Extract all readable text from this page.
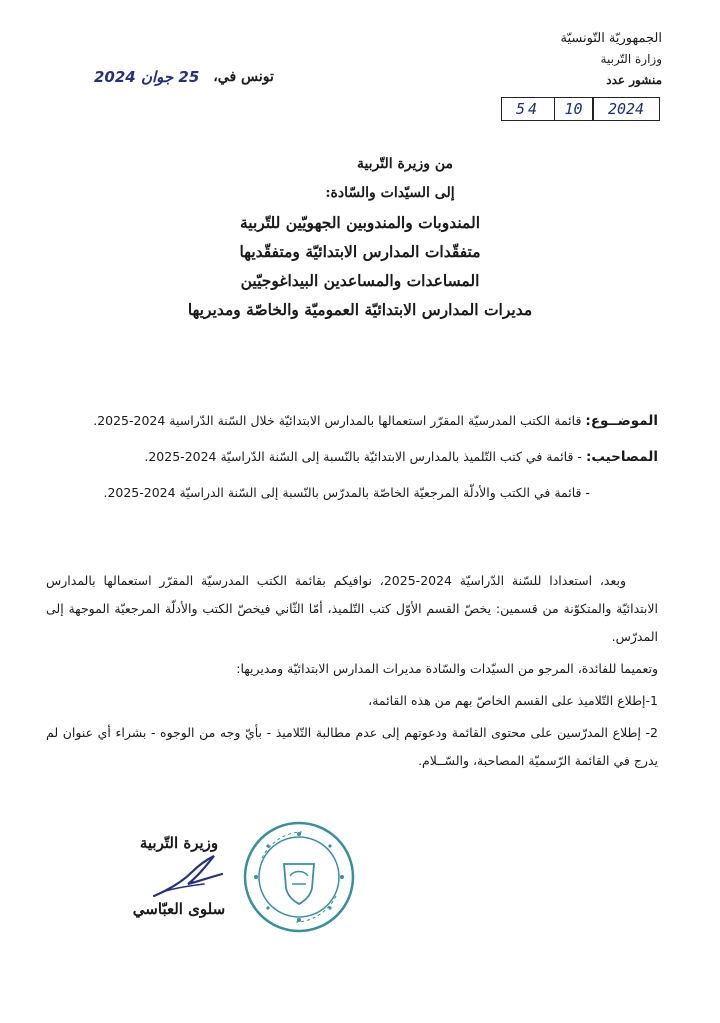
الجمهوريّة التّونسيّة
وزارة التّربية
منشور عدد
2024
10
54
تونس في،
25 جوان 2024
من وزيرة التّربية
إلى السيّدات والسّادة:
المندوبات والمندوبين الجهويّين للتّربية
متفقّدات المدارس الابتدائيّة ومتفقّديها
المساعدات والمساعدين البيداغوجيّين
مديرات المدارس الابتدائيّة العموميّة والخاصّة ومديريها
الموضــوع: قائمة الكتب المدرسيّة المقرّر استعمالها بالمدارس الابتدائيّة خلال السّنة الدّراسية 2024-2025.
المصاحيب: - قائمة في كتب التّلميذ بالمدارس الابتدائيّة بالنّسبة إلى السّنة الدّراسيّة 2024-2025.
- قائمة في الكتب والأدلّة المرجعيّة الخاصّة بالمدرّس بالنّسبة إلى السّنة الدراسيّة 2024-2025.

وبعد، استعدادا للسّنة الدّراسيّة 2024-2025، نوافيكم بقائمة الكتب المدرسيّة المقرّر استعمالها بالمدارس الابتدائيّة والمتكوّنة من قسمين: يخصّ القسم الأوّل كتب التّلميذ، أمّا الثّاني فيخصّ الكتب والأدلّة المرجعيّة الموجهة إلى المدرّس.

وتعميما للفائدة، المرجو من السيّدات والسّادة مديرات المدارس الابتدائيّة ومديريها:

1-إطلاع التّلاميذ على القسم الخاصّ بهم من هذه القائمة،

2- إطلاع المدرّسين على محتوى القائمة ودعوتهم إلى عدم مطالبة التّلاميذ - بأيّ وجه من الوجوه - بشراء أي عنوان لم يدرج في القائمة الرّسميّة المصاحبة، والسّــلام.

وزيرة التّربية
سلوى العبّاسي
